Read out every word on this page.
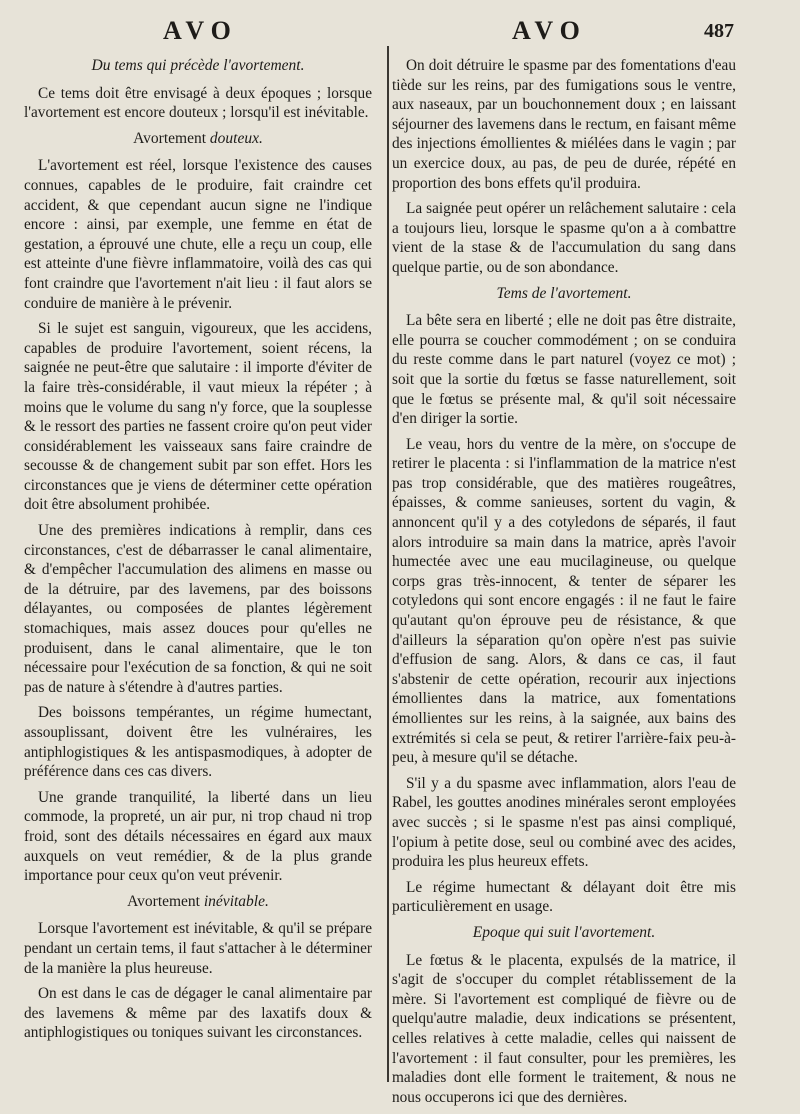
AVO	AVO	487
Du tems qui précède l'avortement.

Ce tems doit être envisagé à deux époques ; lorsque l'avortement est encore douteux ; lorsqu'il est inévitable.

Avortement douteux.

L'avortement est réel, lorsque l'existence des causes connues, capables de le produire, fait craindre cet accident, & que cependant aucun signe ne l'indique encore : ainsi, par exemple, une femme en état de gestation, a éprouvé une chute, elle a reçu un coup, elle est atteinte d'une fièvre inflammatoire, voilà des cas qui font craindre que l'avortement n'ait lieu : il faut alors se conduire de manière à le prévenir.

Si le sujet est sanguin, vigoureux, que les accidens, capables de produire l'avortement, soient récens, la saignée ne peut-être que salutaire : il importe d'éviter de la faire très-considérable, il vaut mieux la répéter ; à moins que le volume du sang n'y force, que la souplesse & le ressort des parties ne fassent croire qu'on peut vider considérablement les vaisseaux sans faire craindre de secousse & de changement subit par son effet. Hors les circonstances que je viens de déterminer cette opération doit être absolument prohibée.

Une des premières indications à remplir, dans ces circonstances, c'est de débarrasser le canal alimentaire, & d'empêcher l'accumulation des alimens en masse ou de la détruire, par des lavemens, par des boissons délayantes, ou composées de plantes légèrement stomachiques, mais assez douces pour qu'elles ne produisent, dans le canal alimentaire, que le ton nécessaire pour l'exécution de sa fonction, & qui ne soit pas de nature à s'étendre à d'autres parties.

Des boissons tempérantes, un régime humectant, assouplissant, doivent être les vulnéraires, les antiphlogistiques & les antispasmodiques, à adopter de préférence dans ces cas divers.

Une grande tranquilité, la liberté dans un lieu commode, la propreté, un air pur, ni trop chaud ni trop froid, sont des détails nécessaires en égard aux maux auxquels on veut remédier, & de la plus grande importance pour ceux qu'on veut prévenir.

Avortement inévitable.

Lorsque l'avortement est inévitable, & qu'il se prépare pendant un certain tems, il faut s'attacher à le déterminer de la manière la plus heureuse.

On est dans le cas de dégager le canal alimentaire par des lavemens & même par des laxatifs doux & antiphlogistiques ou toniques suivant les circonstances.

On doit détruire le spasme par des fomentations d'eau tiède sur les reins, par des fumigations sous le ventre, aux naseaux, par un bouchonnement doux ; en laissant séjourner des lavemens dans le rectum, en faisant même des injections émollientes & miélées dans le vagin ; par un exercice doux, au pas, de peu de durée, répété en proportion des bons effets qu'il produira.

La saignée peut opérer un relâchement salutaire : cela a toujours lieu, lorsque le spasme qu'on a à combattre vient de la stase & de l'accumulation du sang dans quelque partie, ou de son abondance.

Tems de l'avortement.

La bête sera en liberté ; elle ne doit pas être distraite, elle pourra se coucher commodément ; on se conduira du reste comme dans le part naturel (voyez ce mot) ; soit que la sortie du fœtus se fasse naturellement, soit que le fœtus se présente mal, & qu'il soit nécessaire d'en diriger la sortie.

Le veau, hors du ventre de la mère, on s'occupe de retirer le placenta : si l'inflammation de la matrice n'est pas trop considérable, que des matières rougeâtres, épaisses, & comme sanieuses, sortent du vagin, & annoncent qu'il y a des cotyledons de séparés, il faut alors introduire sa main dans la matrice, après l'avoir humectée avec une eau mucilagineuse, ou quelque corps gras très-innocent, & tenter de séparer les cotyledons qui sont encore engagés : il ne faut le faire qu'autant qu'on éprouve peu de résistance, & que d'ailleurs la séparation qu'on opère n'est pas suivie d'effusion de sang. Alors, & dans ce cas, il faut s'abstenir de cette opération, recourir aux injections émollientes dans la matrice, aux fomentations émollientes sur les reins, à la saignée, aux bains des extrémités si cela se peut, & retirer l'arrière-faix peu-à-peu, à mesure qu'il se détache.

S'il y a du spasme avec inflammation, alors l'eau de Rabel, les gouttes anodines minérales seront employées avec succès ; si le spasme n'est pas ainsi compliqué, l'opium à petite dose, seul ou combiné avec des acides, produira les plus heureux effets.

Le régime humectant & délayant doit être mis particulièrement en usage.

Epoque qui suit l'avortement.

Le fœtus & le placenta, expulsés de la matrice, il s'agit de s'occuper du complet rétablissement de la mère. Si l'avortement est compliqué de fièvre ou de quelqu'autre maladie, deux indications se présentent, celles relatives à cette maladie, celles qui naissent de l'avortement : il faut consulter, pour les premières, les maladies dont elle forment le traitement, & nous ne nous occuperons ici que des dernières.
